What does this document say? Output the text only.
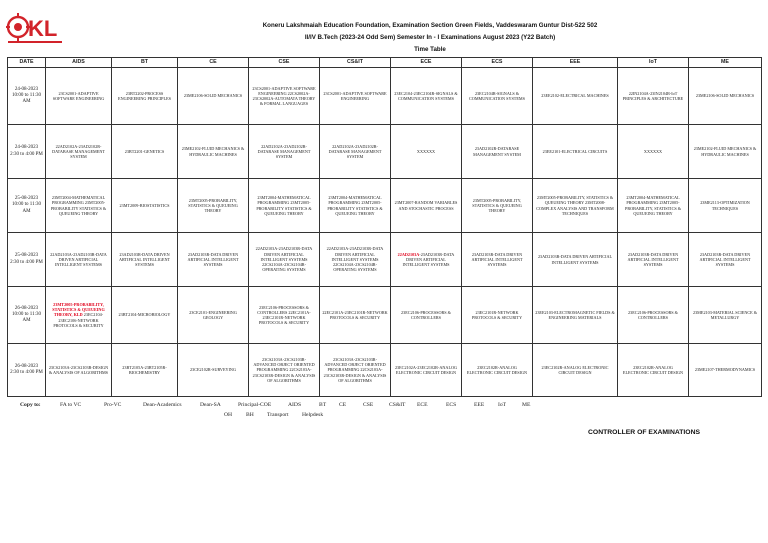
KL	Koneru Lakshmaiah Education Foundation, Examination Section Green Fields, Vaddeswaram Guntur Dist-522 502
II/IV B.Tech (2023-24 Odd Sem) Semester In - I Examinations August 2023 (Y22 Batch)
Time Table
DATE	AIDS	BT	CE	CSE	CS&IT	ECE	ECS	EEE	IoT	ME
24-08-2023 10:00 to 11:30 AM	23CS2001-ADAPTIVE SOFTWARE ENGINEERING	23BT2202-PROCESS ENGINEERING PRINCIPLES	23ME2106-SOLID MECHANICS	23CS2001-ADAPTIVE SOFTWARE ENGINEERING 22CS2002A-23CS2002A-AUTOMATA THEORY & FORMAL LANGUAGES	23CS2001-ADAPTIVE SOFTWARE ENGINEERING	23EC2104-23EC2104R-SIGNALS & COMMUNICATION SYSTEMS	23EC2104R-SIGNALS & COMMUNICATION SYSTEMS	23EE2102-ELECTRICAL MACHINES	22IN2104A-23IN2104R-IoT PRINCIPLES & ARCHITECTURE	23ME2106-SOLID MECHANICS
24-08-2023 2:30 to 4:00 PM	22AD2102A-23AD2102R-DATABASE MANAGEMENT SYSTEM	23BT2201-GENETICS	23ME2102-FLUID MECHANICS & HYDRAULIC MACHINES	22AD2102A-23AD2102R-DATABASE MANAGEMENT SYSTEM	22AD2102A-23AD2102R-DATABASE MANAGEMENT SYSTEM	XXXXXX	23AD2102R-DATABASE MANAGEMENT SYSTEM	23EE2101-ELECTRICAL CIRCUITS	XXXXXX	23ME2102-FLUID MECHANICS & HYDRAULIC MACHINES
25-08-2023 10:00 to 11:30 AM	23MT2004-MATHEMATICAL PROGRAMMING 23MT2005-PROBABILITY STATISTICS & QUEUEING THEORY	23MT2009-BIOSTATISTICS	23MT2005-PROBABILITY, STATISTICS & QUEUEING THEORY	23MT2004-MATHEMATICAL PROGRAMMING 23MT2005-PROBABILITY STATISTICS & QUEUEING THEORY	23MT2004-MATHEMATICAL PROGRAMMING 23MT2005-PROBABILITY STATISTICS & QUEUEING THEORY	23MT2007-RANDOM VARIABLES AND STOCHASTIC PROCESS	23MT2005-PROBABILITY, STATISTICS & QUEUEING THEORY	23MT2005-PROBABILITY, STATISTICS & QUEUEING THEORY 23MT2008-COMPLEX ANALYSIS AND TRANSFORM TECHNIQUES	23MT2004-MATHEMATICAL PROGRAMMING 23MT2005-PROBABILITY, STATISTICS & QUEUEING THEORY	23ME2113-OPTIMIZATION TECHNIQUES
25-08-2023 2:30 to 4:00 PM	22AD2103A-23AD2103R-DATA DRIVEN ARTIFICIAL INTELLIGENT SYSTEMS	23AD2103R-DATA DRIVEN ARTIFICIAL INTELLIGENT SYSTEMS	23AD2103R-DATA DRIVEN ARTIFICIAL INTELLIGENT SYSTEMS	22AD2103A-23AD2103R-DATA DRIVEN ARTIFICIAL INTELLIGENT SYSTEMS 22CS2104A-23CS2104R-OPERATING SYSTEMS	22AD2103A-23AD2103R-DATA DRIVEN ARTIFICIAL INTELLIGENT SYSTEMS 22CS2104A-23CS2104R-OPERATING SYSTEMS	22AD2103A-23AD2103R-DATA DRIVEN ARTIFICIAL INTELLIGENT SYSTEMS	23AD2103R-DATA DRIVEN ARTIFICIAL INTELLIGENT SYSTEMS	23AD2103R-DATA DRIVEN ARTIFICIAL INTELLIGENT SYSTEMS	23AD2103R-DATA DRIVEN ARTIFICIAL INTELLIGENT SYSTEMS	23AD2103R-DATA DRIVEN ARTIFICIAL INTELLIGENT SYSTEMS
26-08-2023 10:00 to 11:30 AM	23MT2005-PROBABILITY, STATISTICS & QUEUEING THEORY, KLD 23EC2104-23EC2106-NETWORK PROTOCOLS & SECURITY	23BT2104-MICROBIOLOGY	23CE2101-ENGINEERING GEOLOGY	23EC2106-PROCESSORS & CONTROLLERS 22EC2101A-23EC2101R-NETWORK PROTOCOLS & SECURITY	22EC2101A-23EC2101R-NETWORK PROTOCOLS & SECURITY	23EC2106-PROCESSORS & CONTROLLERS	23EC2101R-NETWORK PROTOCOLS & SECURITY	23EE2103-ELECTROMAGNETIC FIELDS & ENGINEERING MATERIALS	23EC2106-PROCESSORS & CONTROLLERS	23ME2103-MATERIAL SCIENCE & METALLURGY
26-08-2023 2:30 to 4:00 PM	23CS2103A-23CS2103R-DESIGN & ANALYSIS OF ALGORITHMS	23BT2105A-23BT2105R-BIOCHEMISTRY	23CE2102R-SURVEYING	23CS2103A-23CS2103R-ADVANCED OBJECT ORIENTED PROGRAMMING 22CS2103A-23CS2103R-DESIGN & ANALYSIS OF ALGORITHMS	23CS2103A-23CS2103R-ADVANCED OBJECT ORIENTED PROGRAMMING 22CS2103A-23CS2103R-DESIGN & ANALYSIS OF ALGORITHMS	23EC2102A-23EC2102R-ANALOG ELECTRONIC CIRCUIT DESIGN	23EC2102R-ANALOG ELECTRONIC CIRCUIT DESIGN	23EC2102R-ANALOG ELECTRONIC CIRCUIT DESIGN	23EC2102R-ANALOG ELECTRONIC CIRCUIT DESIGN	23ME2107-THERMODYNAMICS
Copy to:	FA to VC	Pro-VC	Dean-Academics	Dean-SA	Principal-COE	AIDS	BT CE	CSE	CS&IT ECE	ECS	EEE IoT	ME
OH BH Transport Helpdesk
CONTROLLER OF EXAMINATIONS
